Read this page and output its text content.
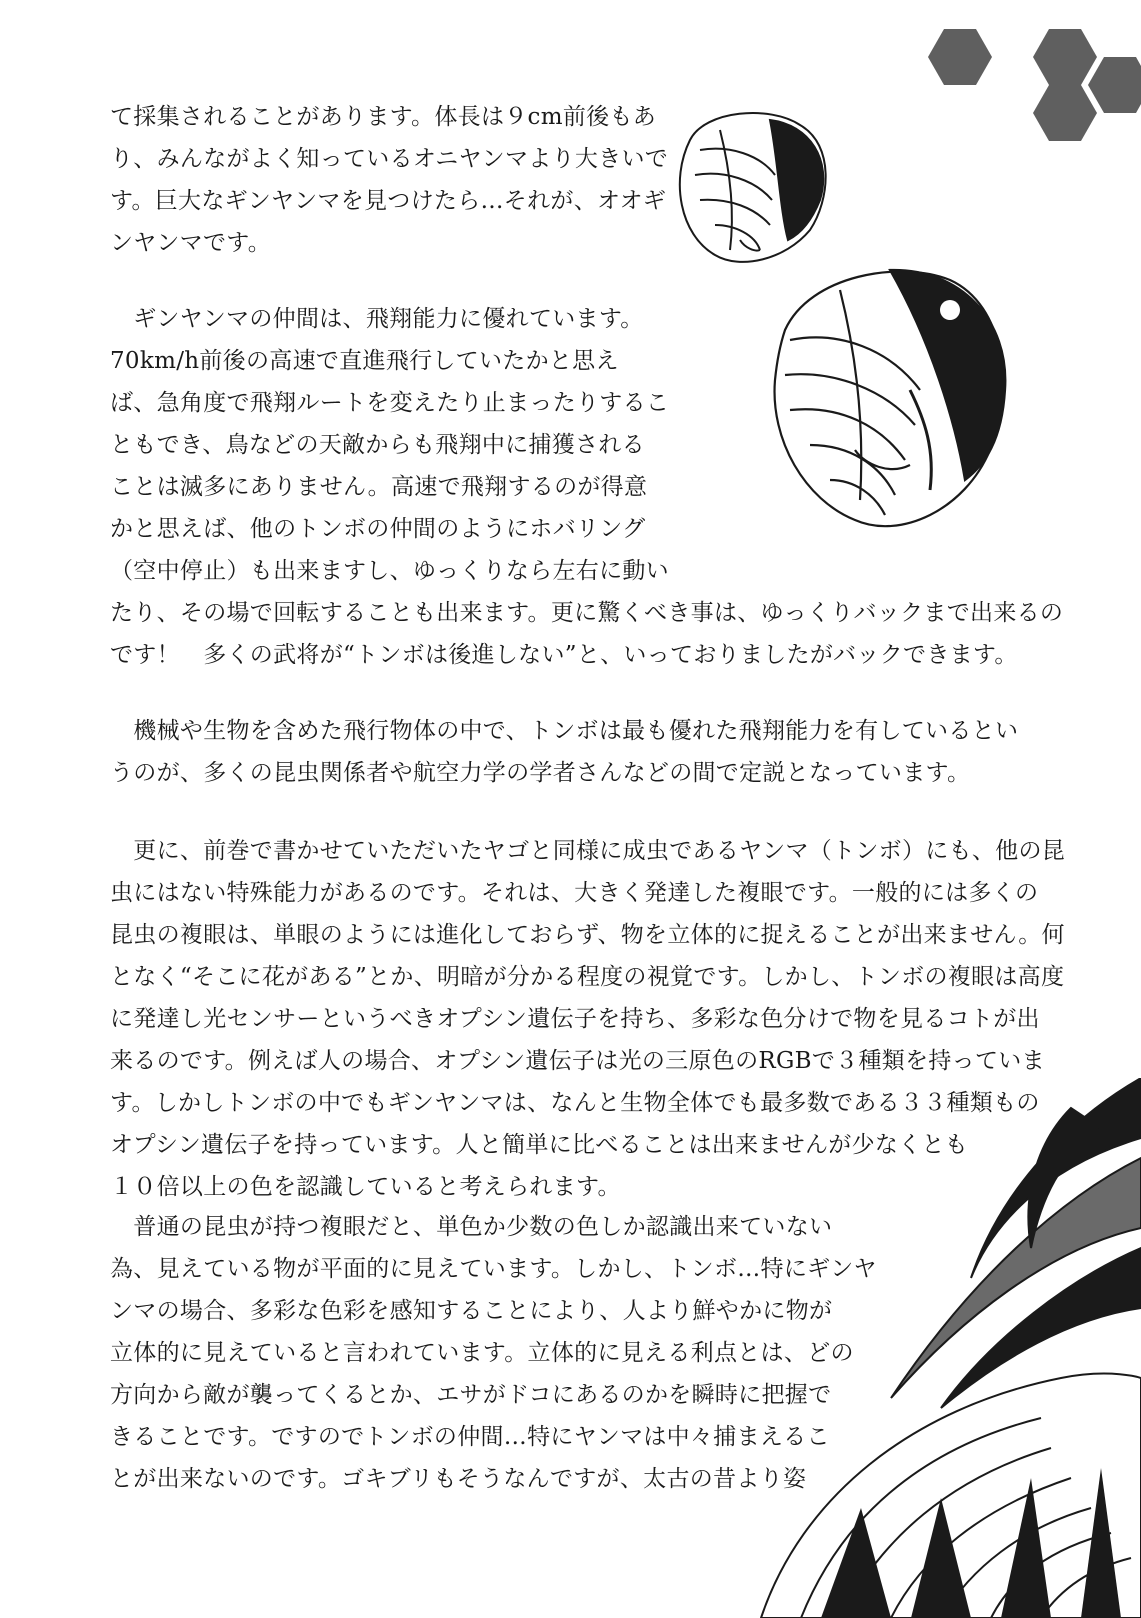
て採集されることがあります。体長は９cm前後もあ
り、みんながよく知っているオニヤンマより大きいで
す。巨大なギンヤンマを見つけたら…それが、オオギ
ンヤンマです。
　ギンヤンマの仲間は、飛翔能力に優れています。
70km/h前後の高速で直進飛行していたかと思え
ば、急角度で飛翔ルートを変えたり止まったりするこ
ともでき、鳥などの天敵からも飛翔中に捕獲される
ことは滅多にありません。高速で飛翔するのが得意
かと思えば、他のトンボの仲間のようにホバリング
（空中停止）も出来ますし、ゆっくりなら左右に動い
たり、その場で回転することも出来ます。更に驚くべき事は、ゆっくりバックまで出来るの
です！　多くの武将が“トンボは後進しない”と、いっておりましたがバックできます。
　機械や生物を含めた飛行物体の中で、トンボは最も優れた飛翔能力を有しているとい
うのが、多くの昆虫関係者や航空力学の学者さんなどの間で定説となっています。
　更に、前巻で書かせていただいたヤゴと同様に成虫であるヤンマ（トンボ）にも、他の昆
虫にはない特殊能力があるのです。それは、大きく発達した複眼です。一般的には多くの
昆虫の複眼は、単眼のようには進化しておらず、物を立体的に捉えることが出来ません。何
となく“そこに花がある”とか、明暗が分かる程度の視覚です。しかし、トンボの複眼は高度
に発達し光センサーというべきオプシン遺伝子を持ち、多彩な色分けで物を見るコトが出
来るのです。例えば人の場合、オプシン遺伝子は光の三原色のRGBで３種類を持っていま
す。しかしトンボの中でもギンヤンマは、なんと生物全体でも最多数である３３種類もの
オプシン遺伝子を持っています。人と簡単に比べることは出来ませんが少なくとも
１０倍以上の色を認識していると考えられます。
　普通の昆虫が持つ複眼だと、単色か少数の色しか認識出来ていない
為、見えている物が平面的に見えています。しかし、トンボ…特にギンヤ
ンマの場合、多彩な色彩を感知することにより、人より鮮やかに物が
立体的に見えていると言われています。立体的に見える利点とは、どの
方向から敵が襲ってくるとか、エサがドコにあるのかを瞬時に把握で
きることです。ですのでトンボの仲間…特にヤンマは中々捕まえるこ
とが出来ないのです。ゴキブリもそうなんですが、太古の昔より姿
